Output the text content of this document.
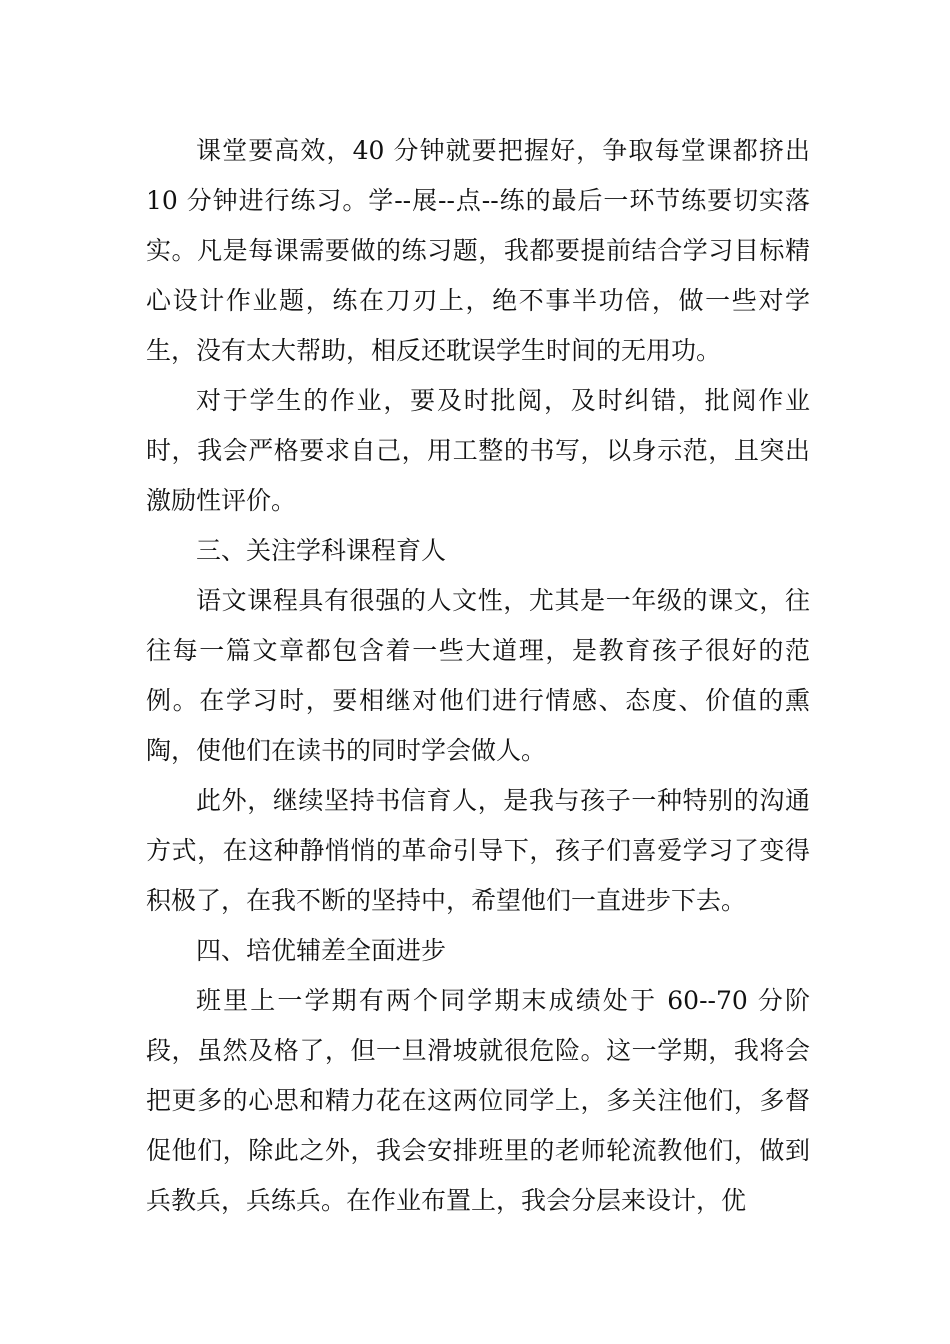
课堂要高效，40 分钟就要把握好，争取每堂课都挤出 10 分钟进行练习。学--展--点--练的最后一环节练要切实落实。凡是每课需要做的练习题，我都要提前结合学习目标精心设计作业题，练在刀刃上，绝不事半功倍，做一些对学生，没有太大帮助，相反还耽误学生时间的无用功。

对于学生的作业，要及时批阅，及时纠错，批阅作业时，我会严格要求自己，用工整的书写，以身示范，且突出激励性评价。

三、关注学科课程育人

语文课程具有很强的人文性，尤其是一年级的课文，往往每一篇文章都包含着一些大道理，是教育孩子很好的范例。在学习时，要相继对他们进行情感、态度、价值的熏陶，使他们在读书的同时学会做人。

此外，继续坚持书信育人，是我与孩子一种特别的沟通方式，在这种静悄悄的革命引导下，孩子们喜爱学习了变得积极了，在我不断的坚持中，希望他们一直进步下去。

四、培优辅差全面进步

班里上一学期有两个同学期末成绩处于 60--70 分阶段，虽然及格了，但一旦滑坡就很危险。这一学期，我将会把更多的心思和精力花在这两位同学上，多关注他们，多督促他们，除此之外，我会安排班里的老师轮流教他们，做到兵教兵，兵练兵。在作业布置上，我会分层来设计，优
